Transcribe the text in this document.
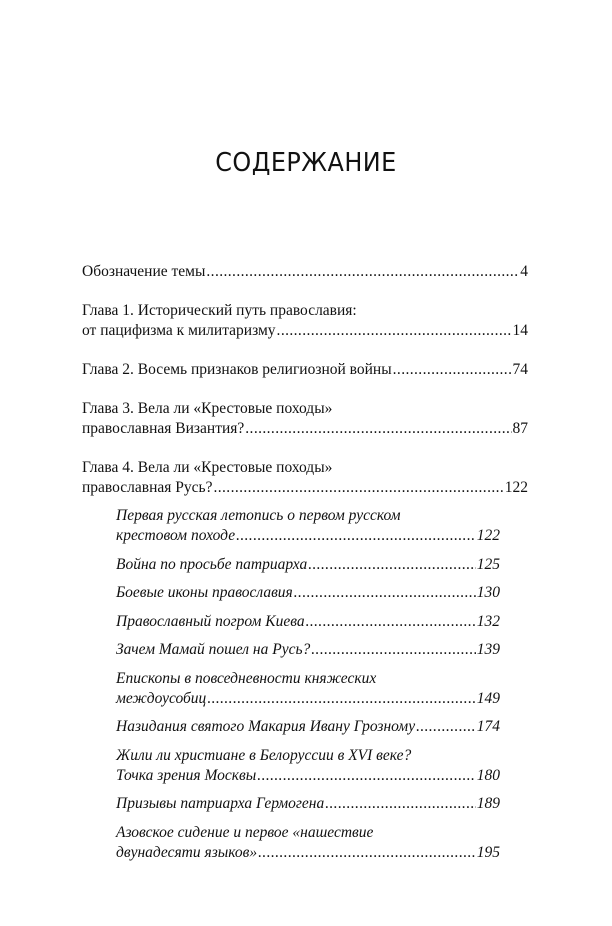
СОДЕРЖАНИЕ
Обозначение темы .....	4
Глава 1. Исторический путь православия:
от пацифизма к милитаризму .....	14
Глава 2. Восемь признаков религиозной войны .....	74
Глава 3. Вела ли «Крестовые походы»
православная Византия? .....	87
Глава 4. Вела ли «Крестовые походы»
православная Русь? .....	122
Первая русская летопись о первом русском
крестовом походе .....	122
Война по просьбе патриарха .....	125
Боевые иконы православия .....	130
Православный погром Киева .....	132
Зачем Мамай пошел на Русь? .....	139
Епископы в повседневности княжеских
междоусобиц .....	149
Назидания святого Макария Ивану Грозному .....	174
Жили ли христиане в Белоруссии в XVI веке?
Точка зрения Москвы .....	180
Призывы патриарха Гермогена .....	189
Азовское сидение и первое «нашествие
двунадесяти языков» .....	195
